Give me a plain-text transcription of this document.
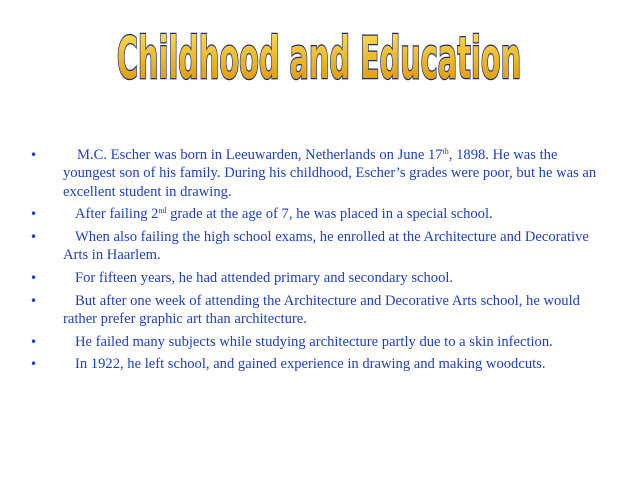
Childhood and Education
•	M.C. Escher was born in Leeuwarden, Netherlands on June 17th, 1898. He was the youngest son of his family. During his childhood, Escher’s grades were poor, but he was an excellent student in drawing.
•	After failing 2nd grade at the age of 7, he was placed in a special school.
•	When also failing the high school exams, he enrolled at the Architecture and Decorative Arts in Haarlem.
•	For fifteen years, he had attended primary and secondary school.
•	But after one week of attending the Architecture and Decorative Arts school, he would rather prefer graphic art than architecture.
•	He failed many subjects while studying architecture partly due to a skin infection.
•	In 1922, he left school, and gained experience in drawing and making woodcuts.
